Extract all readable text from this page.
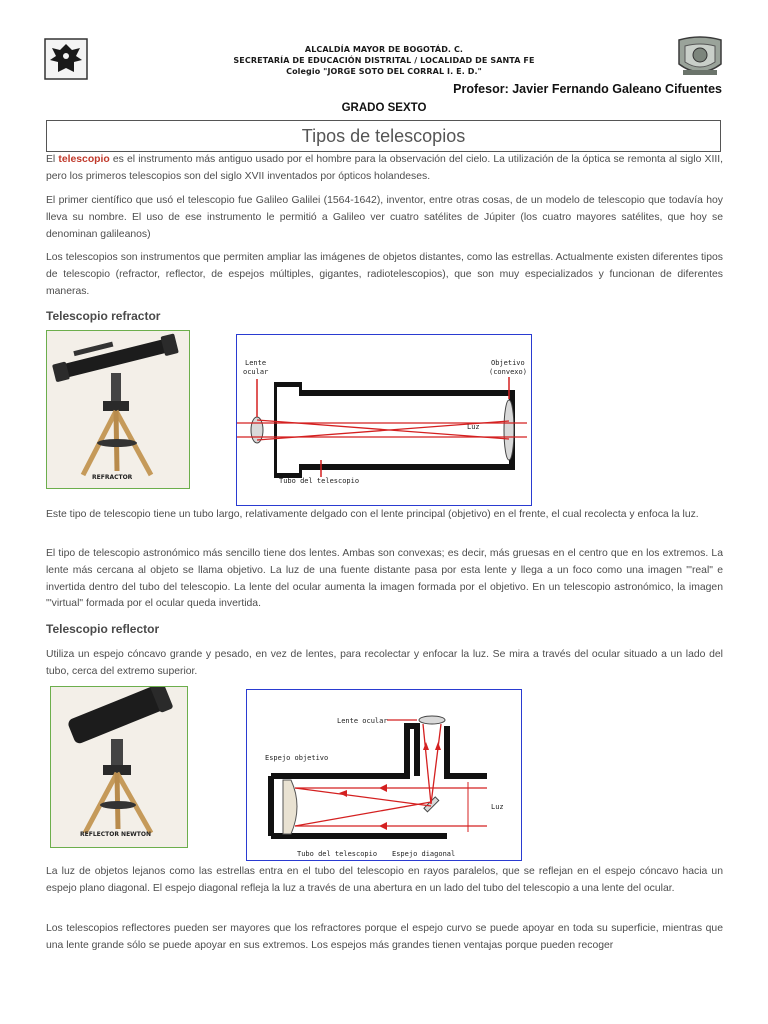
ALCALDÍA MAYOR DE BOGOTÁD. C.
SECRETARÍA DE EDUCACIÓN DISTRITAL / LOCALIDAD DE SANTA FE
Colegio "JORGE SOTO DEL CORRAL I. E. D."
Profesor: Javier Fernando Galeano Cifuentes
GRADO SEXTO
Tipos de telescopios
El telescopio es el instrumento más antiguo usado por el hombre para la observación del cielo. La utilización de la óptica se remonta al siglo XIII, pero los primeros telescopios son del siglo XVII inventados por ópticos holandeses.
El primer científico que usó el telescopio fue Galileo Galilei (1564-1642), inventor, entre otras cosas, de un modelo de telescopio que todavía hoy lleva su nombre. El uso de ese instrumento le permitió a Galileo ver cuatro satélites de Júpiter (los cuatro mayores satélites, que hoy se denominan galileanos)
Los telescopios son instrumentos que permiten ampliar las imágenes de objetos distantes, como las estrellas. Actualmente existen diferentes tipos de telescopio (refractor, reflector, de espejos múltiples, gigantes, radiotelescopios), que son muy especializados y funcionan de diferentes maneras.
Telescopio refractor
REFRACTOR
Lente
ocular
Objetivo
(convexo)
Luz
Tubo del telescopio
Este tipo de telescopio tiene un tubo largo, relativamente delgado con el lente principal (objetivo) en el frente, el cual recolecta y enfoca la luz.
El tipo de telescopio astronómico más sencillo tiene dos lentes. Ambas son convexas; es decir, más gruesas en el centro que en los extremos. La lente más cercana al objeto se llama objetivo. La luz de una fuente distante pasa por esta lente y llega a un foco como una imagen "'real" e invertida dentro del tubo del telescopio. La lente del ocular aumenta la imagen formada por el objetivo. En un telescopio astronómico, la imagen "'virtual" formada por el ocular queda invertida.
Telescopio reflector
Utiliza un espejo cóncavo grande y pesado, en vez de lentes, para recolectar y enfocar la luz. Se mira a través del ocular situado a un lado del tubo, cerca del extremo superior.
REFLECTOR NEWTON
Lente ocular
Espejo objetivo
Luz
Tubo del telescopio Espejo diagonal
La luz de objetos lejanos como las estrellas entra en el tubo del telescopio en rayos paralelos, que se reflejan en el espejo cóncavo hacia un espejo plano diagonal. El espejo diagonal refleja la luz a través de una abertura en un lado del tubo del telescopio a una lente del ocular.
Los telescopios reflectores pueden ser mayores que los refractores porque el espejo curvo se puede apoyar en toda su superficie, mientras que una lente grande sólo se puede apoyar en sus extremos. Los espejos más grandes tienen ventajas porque pueden recoger
